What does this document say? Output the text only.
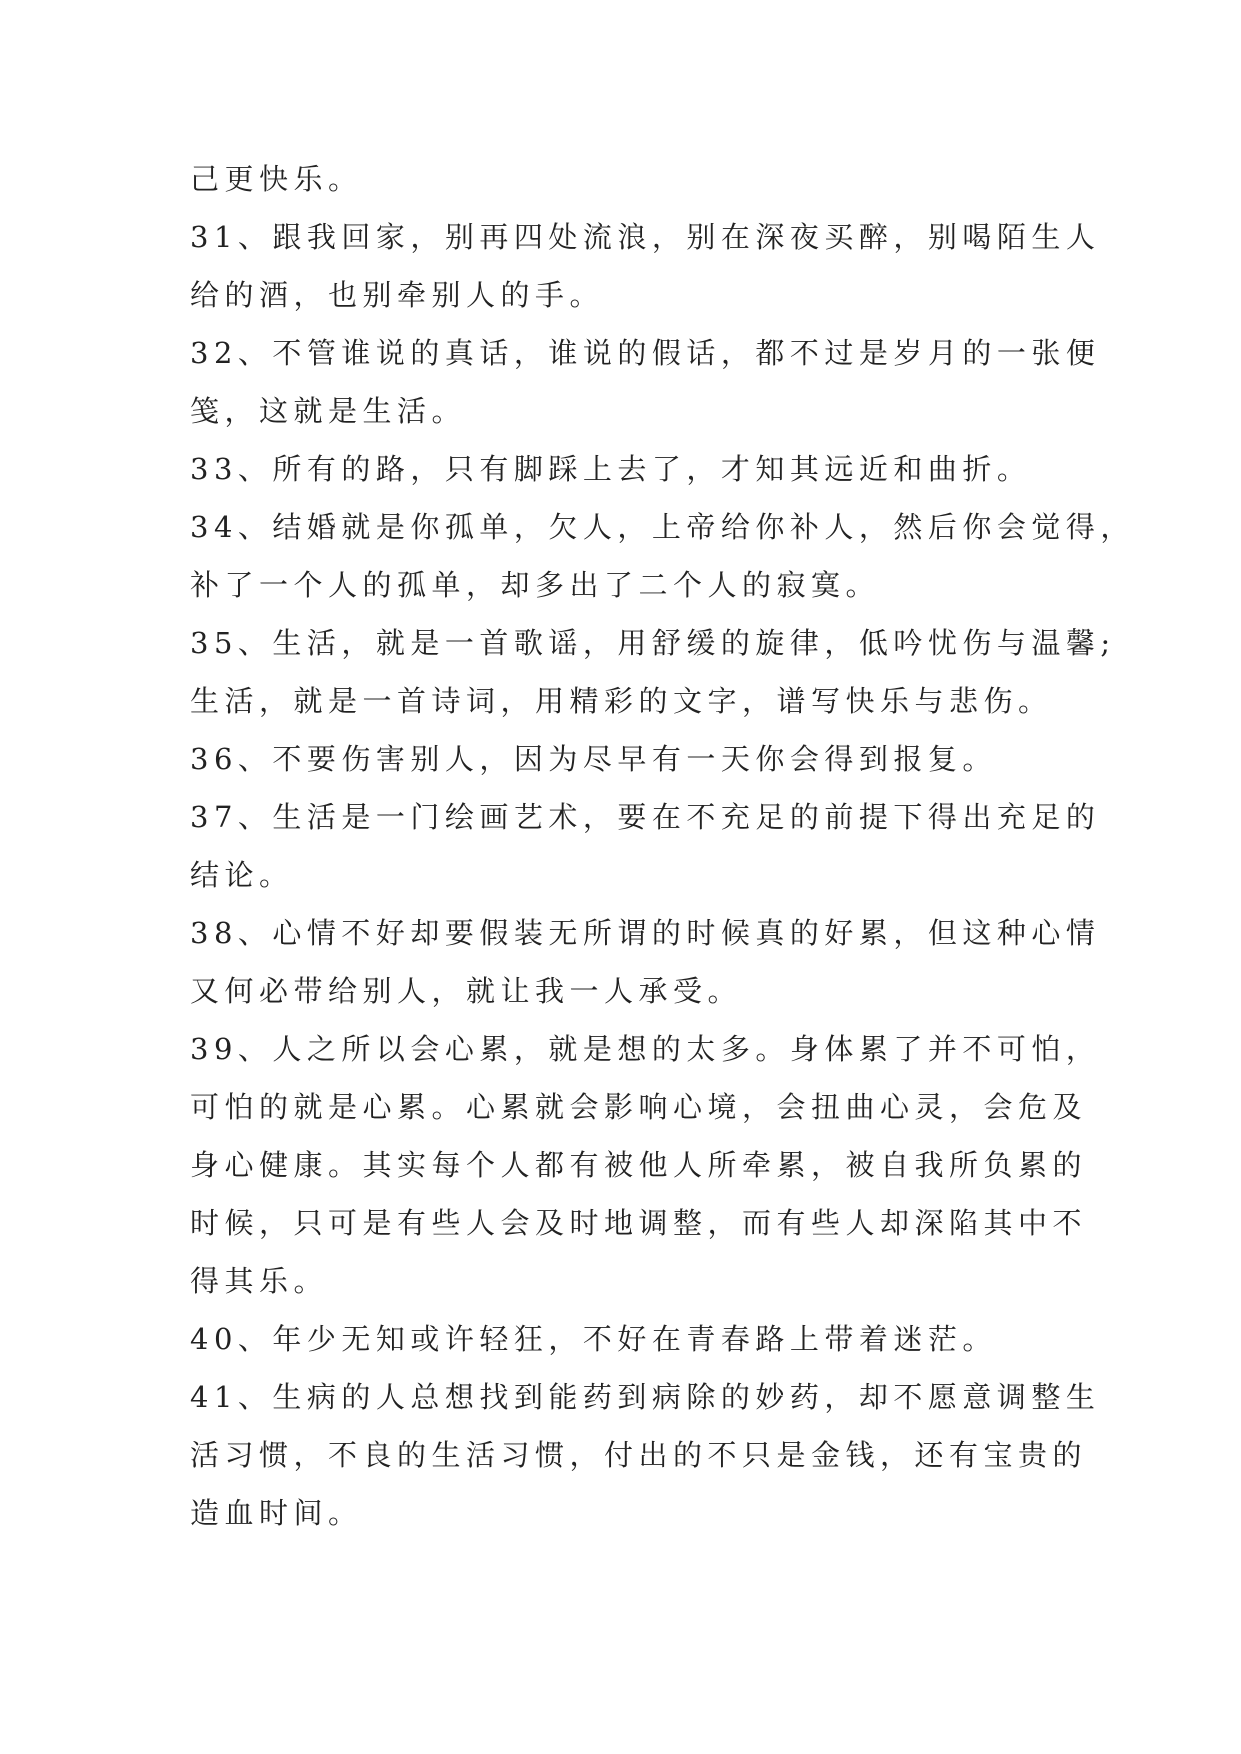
己更快乐。
31、跟我回家，别再四处流浪，别在深夜买醉，别喝陌生人
给的酒，也别牵别人的手。
32、不管谁说的真话，谁说的假话，都不过是岁月的一张便
笺，这就是生活。
33、所有的路，只有脚踩上去了，才知其远近和曲折。
34、结婚就是你孤单，欠人，上帝给你补人，然后你会觉得，
补了一个人的孤单，却多出了二个人的寂寞。
35、生活，就是一首歌谣，用舒缓的旋律，低吟忧伤与温馨;
生活，就是一首诗词，用精彩的文字，谱写快乐与悲伤。
36、不要伤害别人，因为尽早有一天你会得到报复。
37、生活是一门绘画艺术，要在不充足的前提下得出充足的
结论。
38、心情不好却要假装无所谓的时候真的好累，但这种心情
又何必带给别人，就让我一人承受。
39、人之所以会心累，就是想的太多。身体累了并不可怕，
可怕的就是心累。心累就会影响心境，会扭曲心灵，会危及
身心健康。其实每个人都有被他人所牵累，被自我所负累的
时候，只可是有些人会及时地调整，而有些人却深陷其中不
得其乐。
40、年少无知或许轻狂，不好在青春路上带着迷茫。
41、生病的人总想找到能药到病除的妙药，却不愿意调整生
活习惯，不良的生活习惯，付出的不只是金钱，还有宝贵的
造血时间。
